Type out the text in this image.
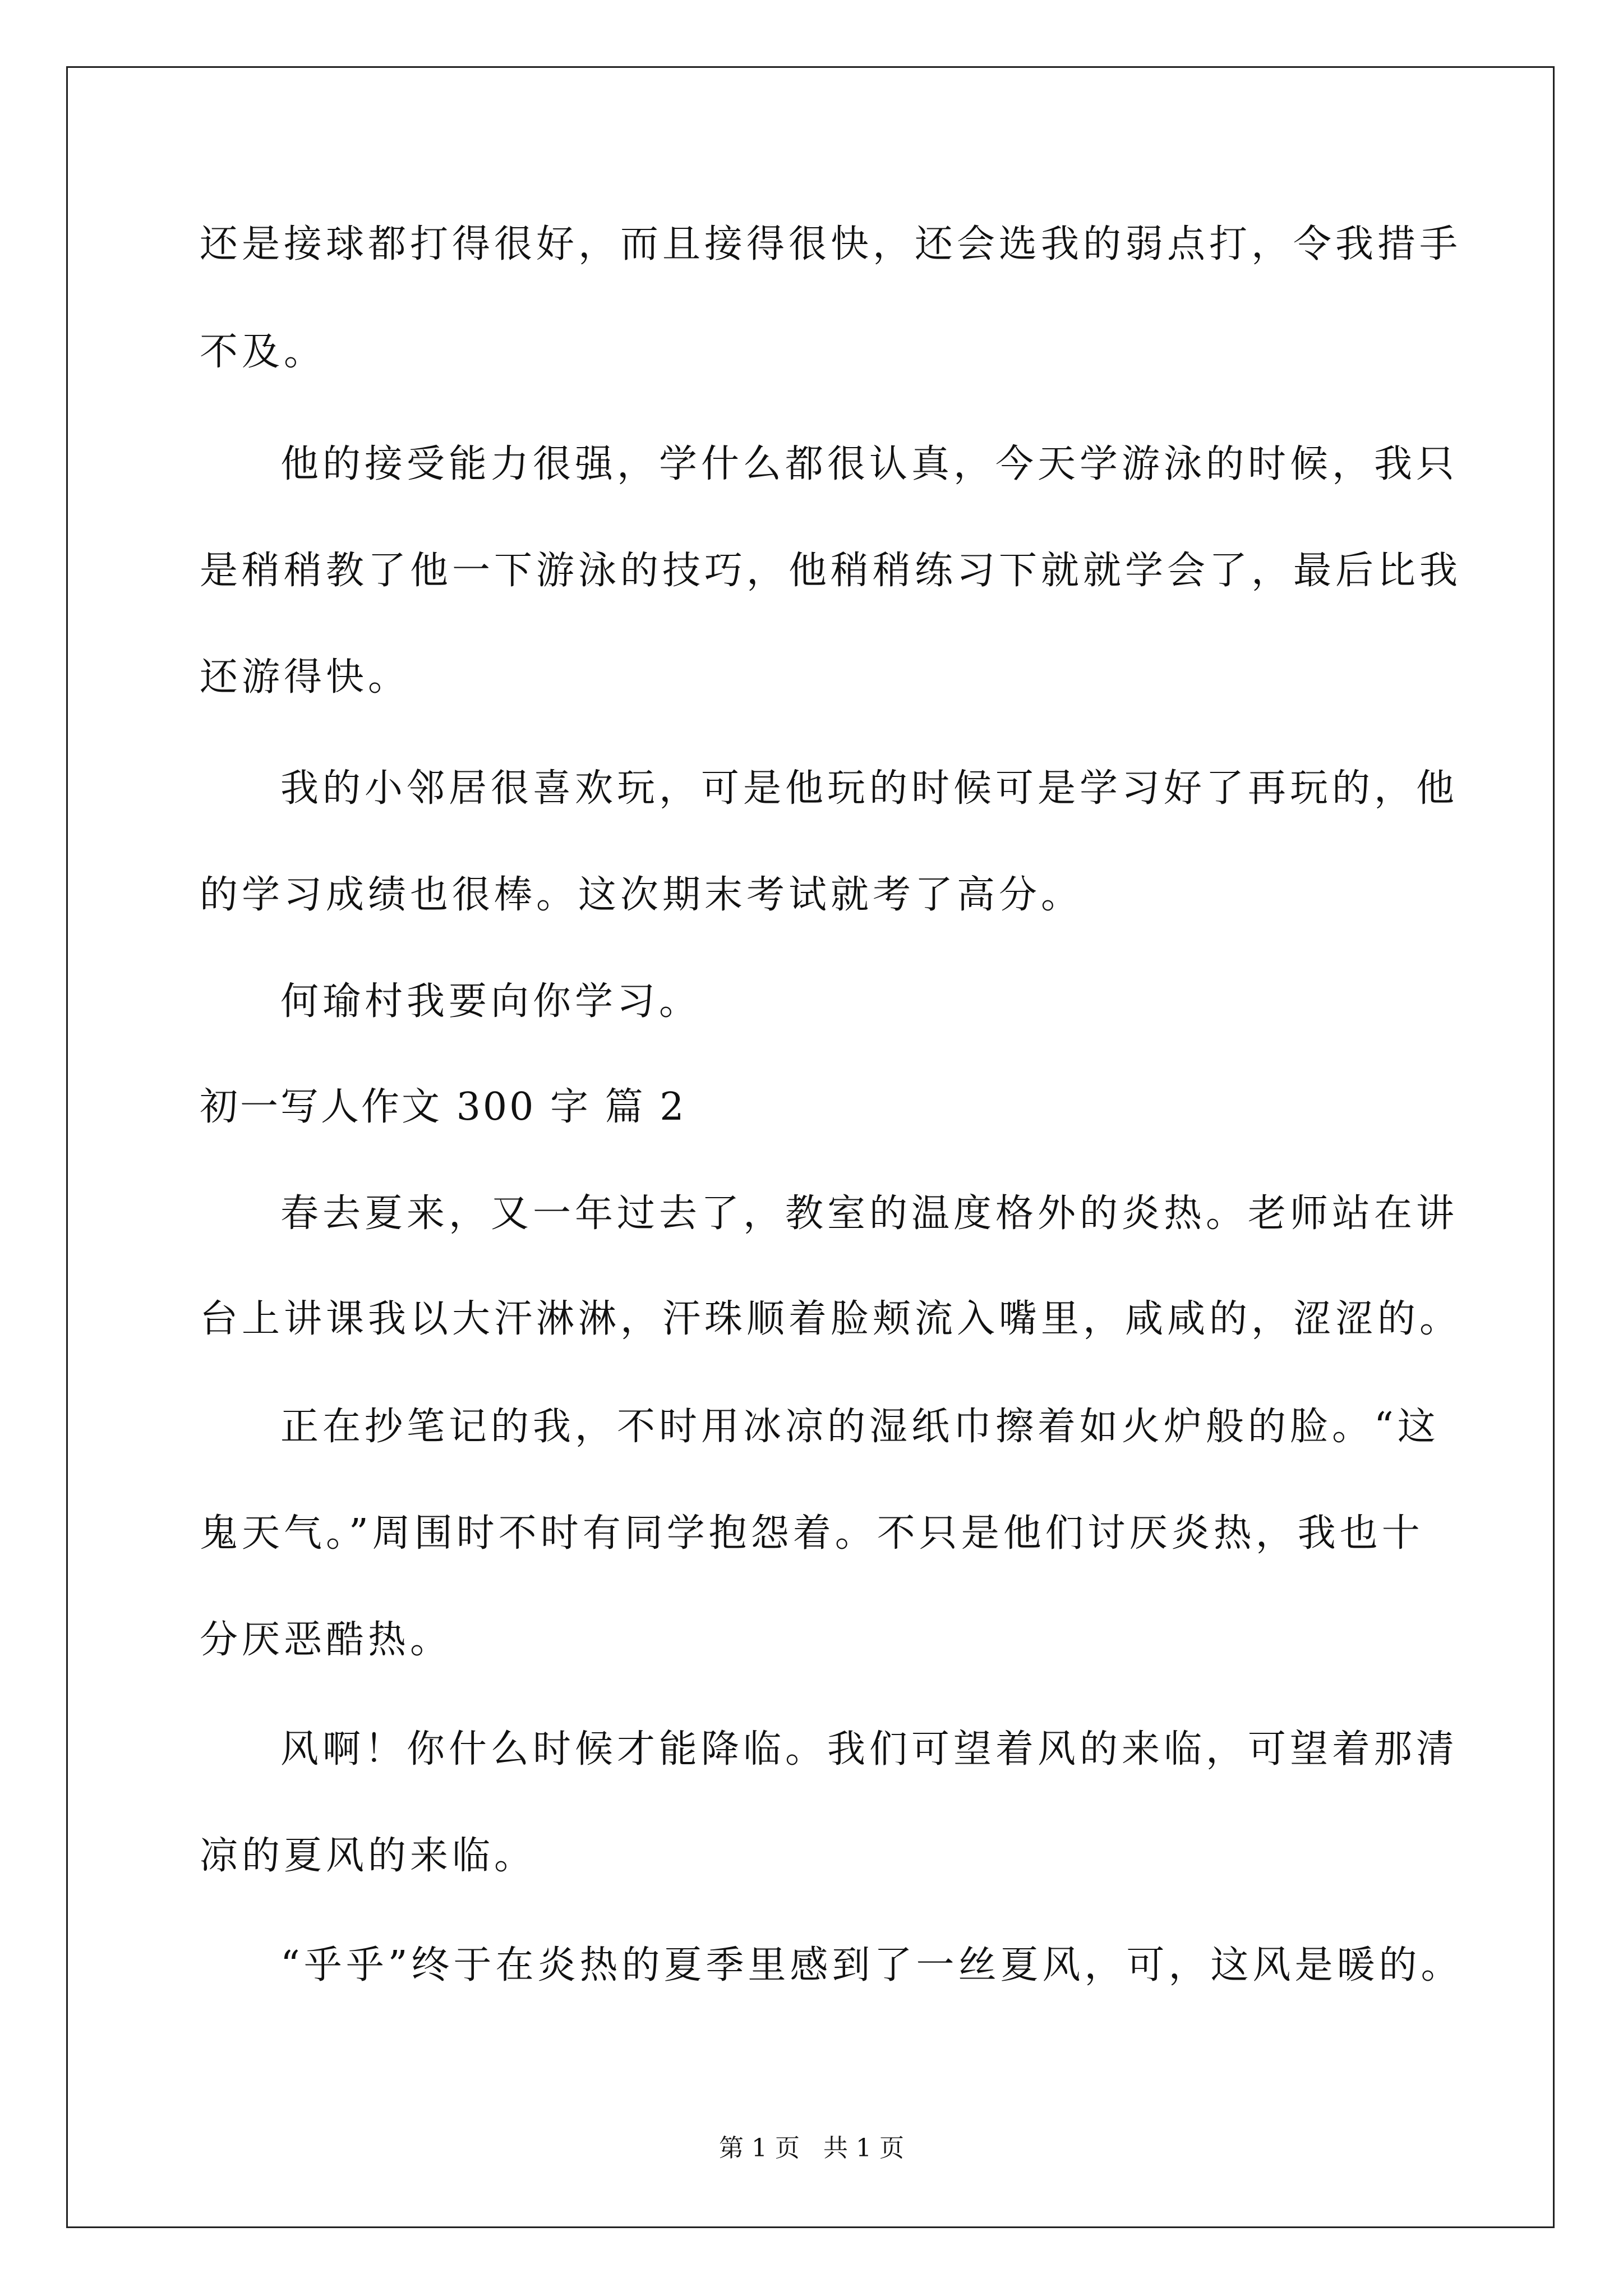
还是接球都打得很好，而且接得很快，还会选我的弱点打，令我措手

不及。

他的接受能力很强，学什么都很认真，今天学游泳的时候，我只

是稍稍教了他一下游泳的技巧，他稍稍练习下就就学会了，最后比我

还游得快。

我的小邻居很喜欢玩，可是他玩的时候可是学习好了再玩的，他

的学习成绩也很棒。这次期末考试就考了高分。

何瑜村我要向你学习。

初一写人作文 300 字 篇 2

春去夏来，又一年过去了，教室的温度格外的炎热。老师站在讲

台上讲课我以大汗淋淋，汗珠顺着脸颊流入嘴里，咸咸的，涩涩的。

正在抄笔记的我，不时用冰凉的湿纸巾擦着如火炉般的脸。“这

鬼天气。”周围时不时有同学抱怨着。不只是他们讨厌炎热，我也十

分厌恶酷热。

风啊！你什么时候才能降临。我们可望着风的来临，可望着那清

凉的夏风的来临。

“乎乎”终于在炎热的夏季里感到了一丝夏风，可，这风是暖的。

第 1 页 共 1 页
